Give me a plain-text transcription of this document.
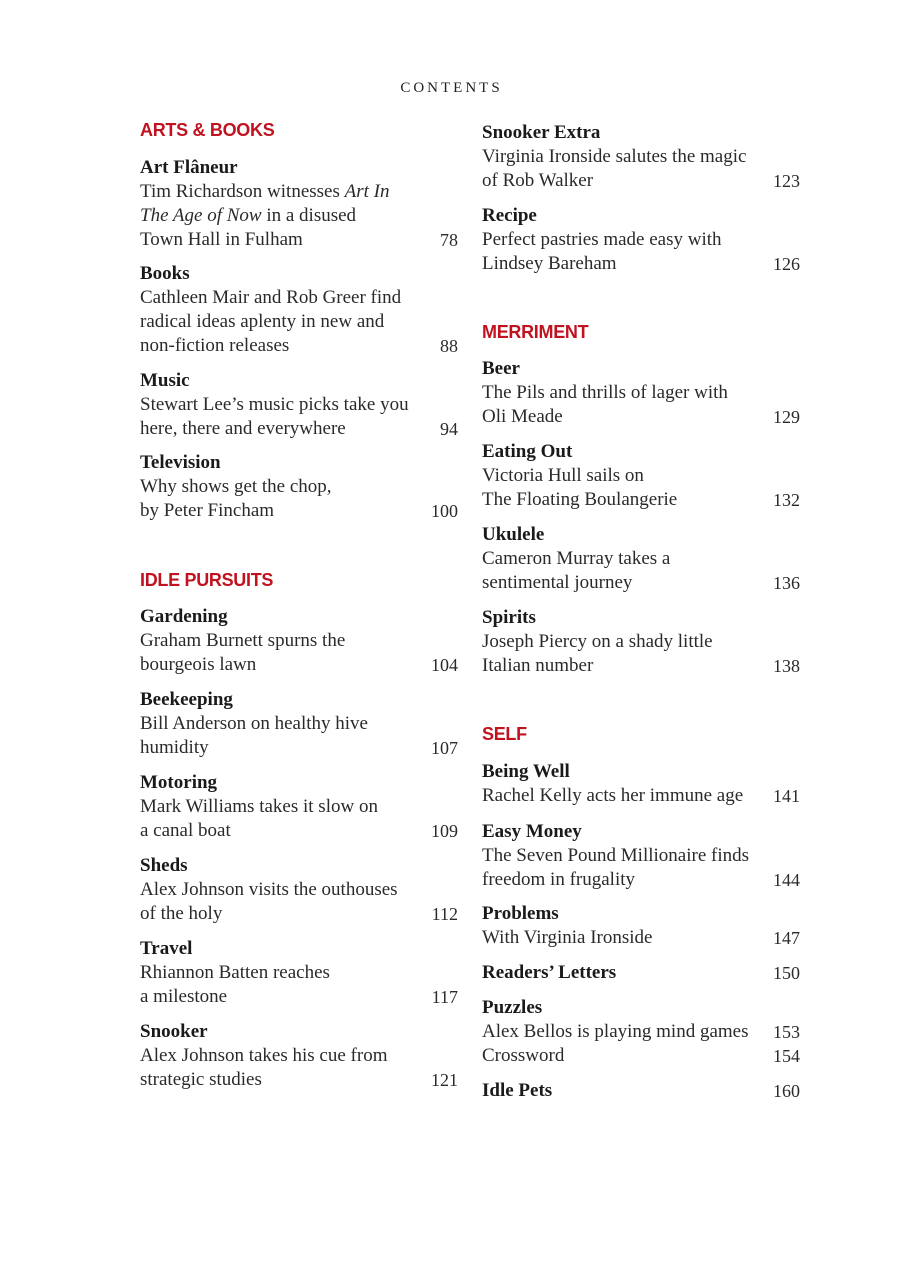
CONTENTS
ARTS & BOOKS
Art Flâneur
Tim Richardson witnesses Art In
The Age of Now in a disused
Town Hall in Fulham	78
Books
Cathleen Mair and Rob Greer find
radical ideas aplenty in new and
non-fiction releases	88
Music
Stewart Lee’s music picks take you
here, there and everywhere	94
Television
Why shows get the chop,
by Peter Fincham	100
IDLE PURSUITS
Gardening
Graham Burnett spurns the
bourgeois lawn	104
Beekeeping
Bill Anderson on healthy hive
humidity	107
Motoring
Mark Williams takes it slow on
a canal boat	109
Sheds
Alex Johnson visits the outhouses
of the holy	112
Travel
Rhiannon Batten reaches
a milestone	117
Snooker
Alex Johnson takes his cue from
strategic studies	121
Snooker Extra
Virginia Ironside salutes the magic
of Rob Walker	123
Recipe
Perfect pastries made easy with
Lindsey Bareham	126
MERRIMENT
Beer
The Pils and thrills of lager with
Oli Meade	129
Eating Out
Victoria Hull sails on
The Floating Boulangerie	132
Ukulele
Cameron Murray takes a
sentimental journey	136
Spirits
Joseph Piercy on a shady little
Italian number	138
SELF
Being Well
Rachel Kelly acts her immune age 141
Easy Money
The Seven Pound Millionaire finds
freedom in frugality	144
Problems
With Virginia Ironside	147
Readers’ Letters	150
Puzzles
Alex Bellos is playing mind games 153
Crossword	154
Idle Pets	160
